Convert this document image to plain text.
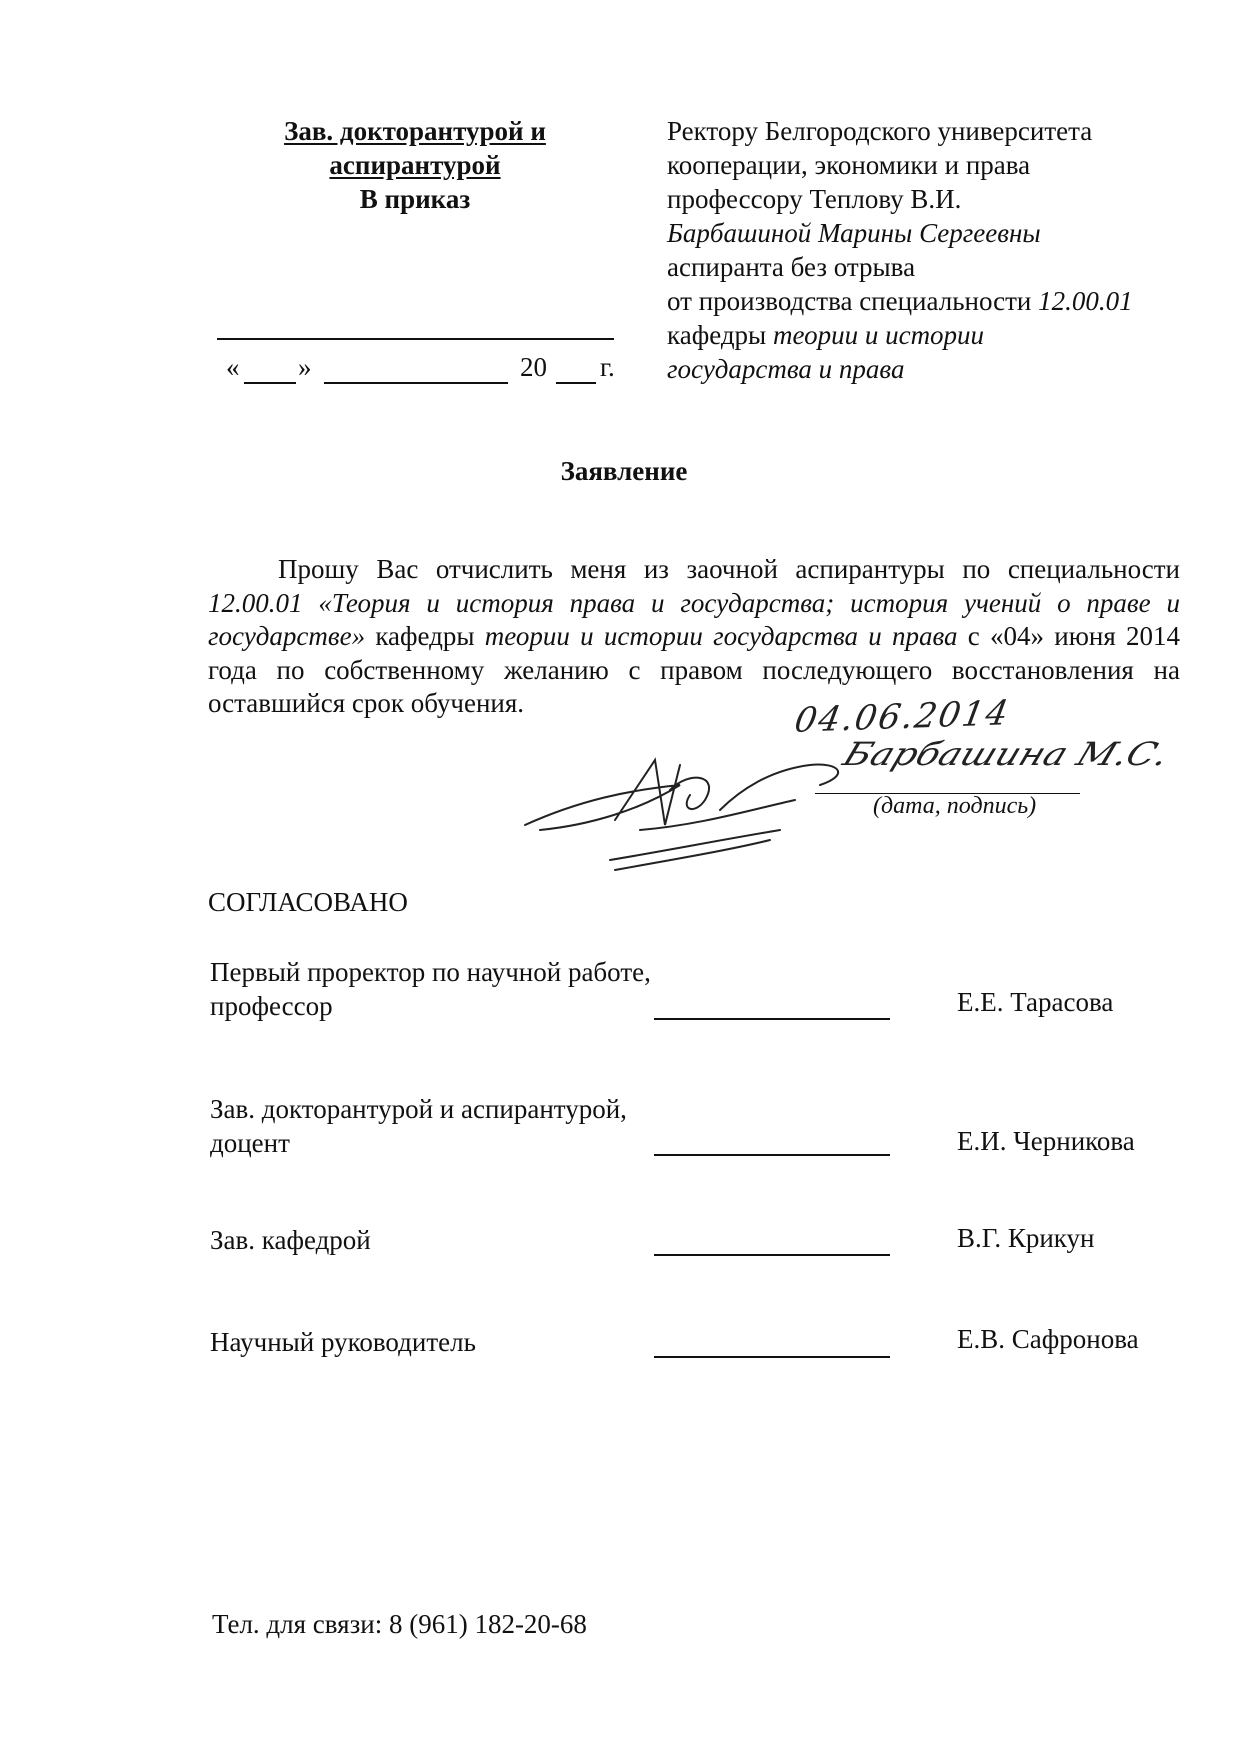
Зав. докторантурой и
аспирантурой
В приказ
« »	20 г.
Ректору Белгородского университета
кооперации, экономики и права
профессору Теплову В.И.
Барбашиной Марины Сергеевны
аспиранта без отрыва
от производства специальности 12.00.01
кафедры теории и истории
государства и права
Заявление

Прошу Вас отчислить меня из заочной аспирантуры по специальности 12.00.01 «Теория и история права и государства; история учений о праве и государстве» кафедры теории и истории государства и права с «04» июня 2014 года по собственному желанию с правом последующего восстановления на оставшийся срок обучения.	04.06.2014
Барбашина М.С.
(дата, подпись)
СОГЛАСОВАНО
Первый проректор по научной работе,
профессор	Е.Е. Тарасова
Зав. докторантурой и аспирантурой,
доцент	Е.И. Черникова
Зав. кафедрой	В.Г. Крикун
Научный руководитель	Е.В. Сафронова
Тел. для связи: 8 (961) 182-20-68
